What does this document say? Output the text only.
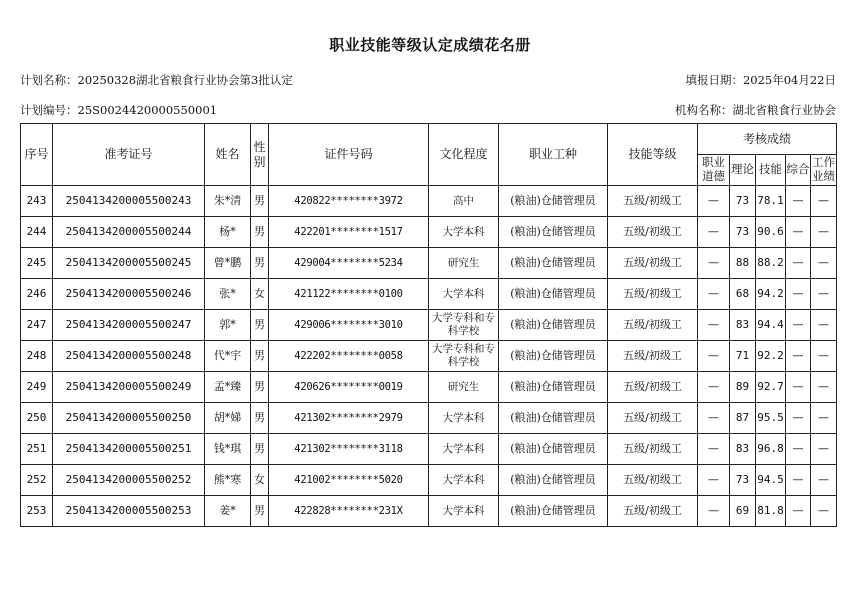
职业技能等级认定成绩花名册
计划名称：20250328湖北省粮食行业协会第3批认定	填报日期：2025年04月22日
计划编号：25S0024420000550001	机构名称：湖北省粮食行业协会
序号	准考证号	姓名	性别	证件号码	文化程度	职业工种	技能等级	考核成绩				
								职业道德	理论	技能	综合	工作业绩
243	2504134200005500243	朱*清	男	420822********3972	高中	(粮油)仓储管理员	五级/初级工	—	73	78.1	—	—
244	2504134200005500244	杨*	男	422201********1517	大学本科	(粮油)仓储管理员	五级/初级工	—	73	90.6	—	—
245	2504134200005500245	曾*鹏	男	429004********5234	研究生	(粮油)仓储管理员	五级/初级工	—	88	88.2	—	—
246	2504134200005500246	张*	女	421122********0100	大学本科	(粮油)仓储管理员	五级/初级工	—	68	94.2	—	—
247	2504134200005500247	郭*	男	429006********3010	大学专科和专科学校	(粮油)仓储管理员	五级/初级工	—	83	94.4	—	—
248	2504134200005500248	代*宇	男	422202********0058	大学专科和专科学校	(粮油)仓储管理员	五级/初级工	—	71	92.2	—	—
249	2504134200005500249	孟*臻	男	420626********0019	研究生	(粮油)仓储管理员	五级/初级工	—	89	92.7	—	—
250	2504134200005500250	胡*娣	男	421302********2979	大学本科	(粮油)仓储管理员	五级/初级工	—	87	95.5	—	—
251	2504134200005500251	钱*琪	男	421302********3118	大学本科	(粮油)仓储管理员	五级/初级工	—	83	96.8	—	—
252	2504134200005500252	熊*寒	女	421002********5020	大学本科	(粮油)仓储管理员	五级/初级工	—	73	94.5	—	—
253	2504134200005500253	姜*	男	422828********231X	大学本科	(粮油)仓储管理员	五级/初级工	—	69	81.8	—	—
